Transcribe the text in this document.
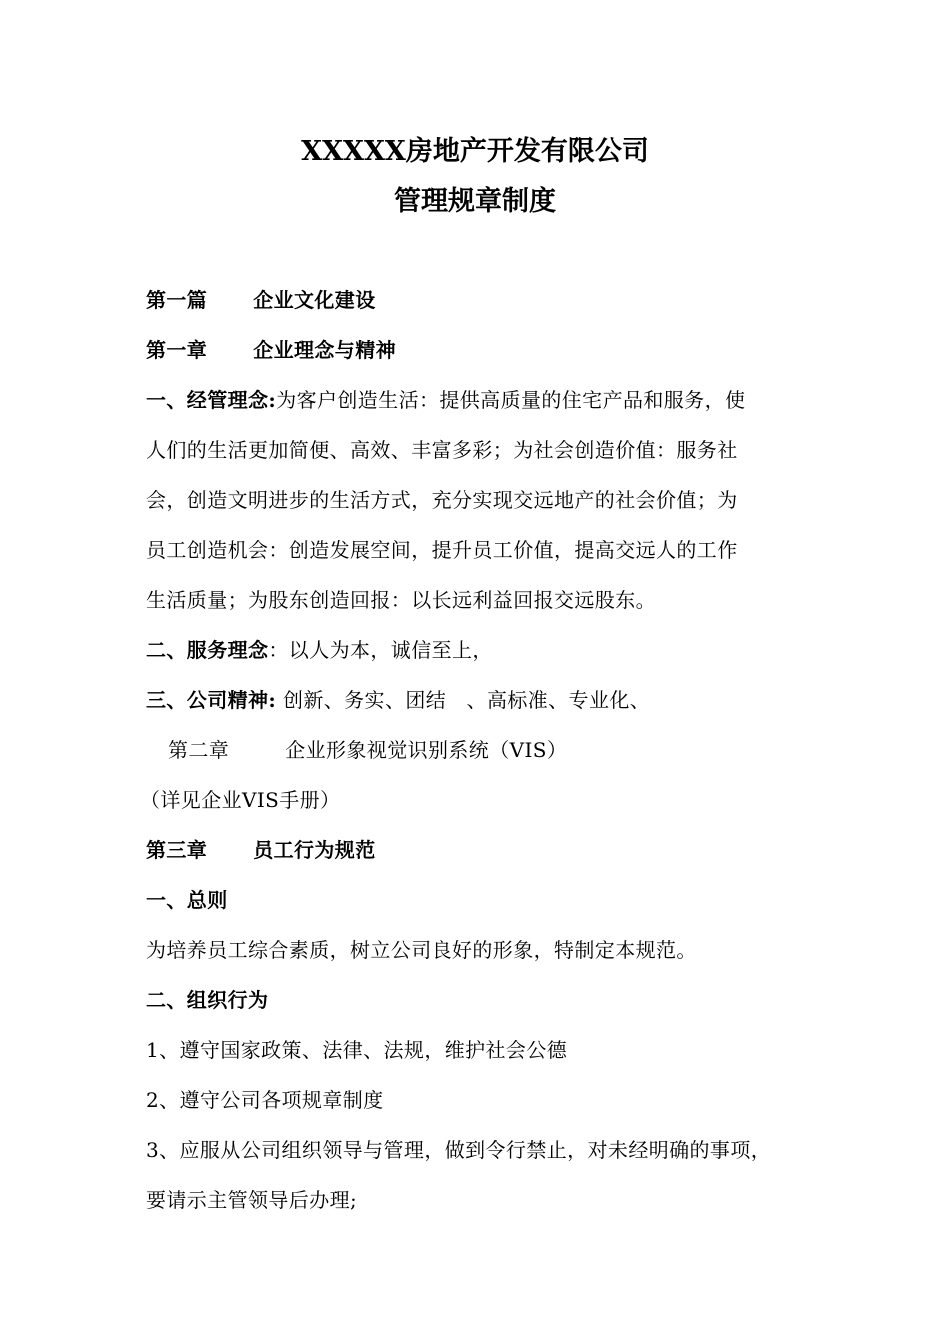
XXXXX房地产开发有限公司
管理规章制度
第一篇 企业文化建设
第一章 企业理念与精神
一、经管理念:为客户创造生活：提供高质量的住宅产品和服务，使
人们的生活更加简便、高效、丰富多彩；为社会创造价值：服务社
会，创造文明进步的生活方式，充分实现交远地产的社会价值；为
员工创造机会：创造发展空间，提升员工价值，提高交远人的工作
生活质量；为股东创造回报：以长远利益回报交远股东。
二、服务理念：以人为本，诚信至上，
三、公司精神: 创新、务实、团结　、高标准、专业化、
第二章	企业形象视觉识别系统（VIS）
（详见企业VIS手册）
第三章 员工行为规范
一、总则
为培养员工综合素质，树立公司良好的形象，特制定本规范。
二、组织行为
1、遵守国家政策、法律、法规，维护社会公德
2、遵守公司各项规章制度
3、应服从公司组织领导与管理，做到令行禁止，对未经明确的事项，
要请示主管领导后办理;
